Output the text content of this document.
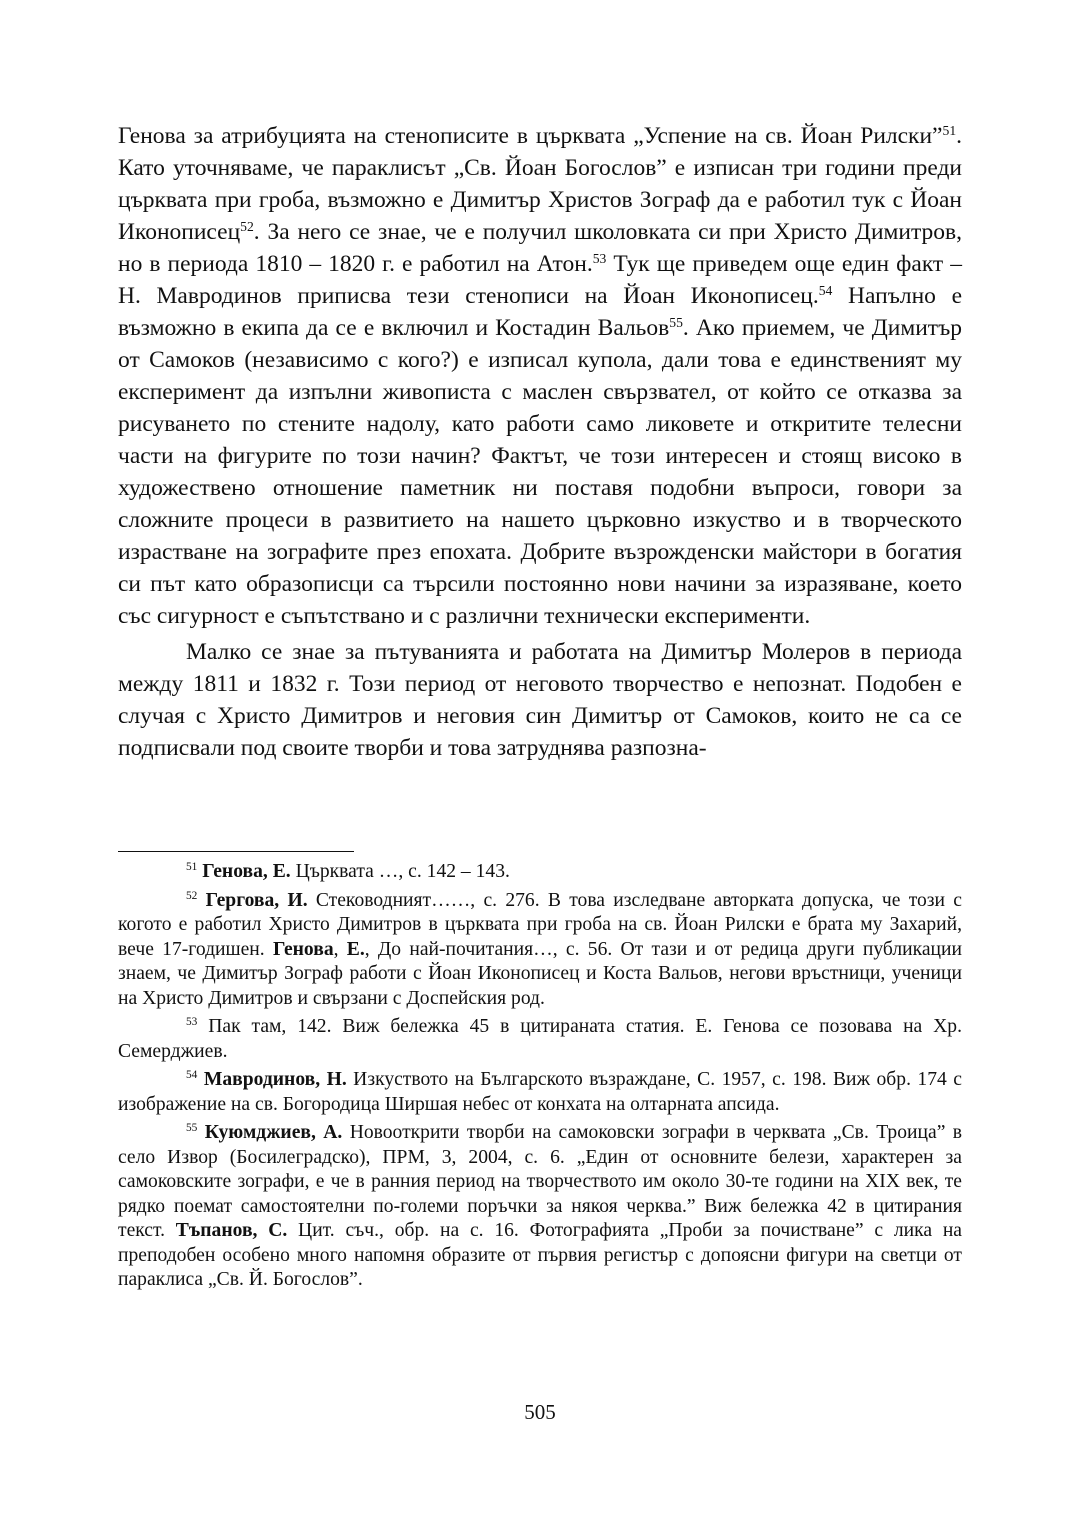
Генова за атрибуцията на стенописите в църквата „Успение на св. Йоан Рилски”$^{51}$. Като уточняваме, че параклисът „Св. Йоан Богослов” е изписан три години преди църквата при гроба, възможно е Димитър Христов Зограф да е работил тук с Йоан Иконописец$^{52}$. За него се знае, че е получил школовката си при Христо Димитров, но в периода 1810 – 1820 г. е работил на Атон.$^{53}$ Тук ще приведем още един факт – Н. Мавродинов приписва тези стенописи на Йоан Иконописец.$^{54}$ Напълно е възможно в екипа да се е включил и Костадин Вальов$^{55}$. Ако приемем, че Димитър от Самоков (независимо с кого?) е изписал купола, дали това е единственият му експеримент да изпълни живописта с маслен свързвател, от който се отказва за рисуването по стените надолу, като работи само ликовете и откритите телесни части на фигурите по този начин? Фактът, че този интересен и стоящ високо в художествено отношение паметник ни поставя подобни въпроси, говори за сложните процеси в развитието на нашето църковно изкуство и в творческото израстване на зографите през епохата. Добрите възрожденски майстори в богатия си път като образописци са търсили постоянно нови начини за изразяване, което със сигурност е съпътствано и с различни технически експерименти.

Малко се знае за пътуванията и работата на Димитър Молеров в периода между 1811 и 1832 г. Този период от неговото творчество е непознат. Подобен е случая с Христо Димитров и неговия син Димитър от Самоков, които не са се подписвали под своите творби и това затруднява разпозна-

$^{51}$ Генова, Е. Църквата …, с. 142 – 143.

$^{52}$ Гергова, И. Стеководният……, с. 276. В това изследване авторката допуска, че този с когото е работил Христо Димитров в църквата при гроба на св. Йоан Рилски е брата му Захарий, вече 17-годишен. Генова, Е., До най-почитания…, с. 56. От тази и от редица други публикации знаем, че Димитър Зограф работи с Йоан Иконописец и Коста Вальов, негови връстници, ученици на Христо Димитров и свързани с Доспейския род.

$^{53}$ Пак там, 142. Виж бележка 45 в цитираната статия. Е. Генова се позовава на Хр. Семерджиев.

$^{54}$ Мавродинов, Н. Изкуството на Българското възраждане, С. 1957, с. 198. Виж обр. 174 с изображение на св. Богородица Ширшая небес от конхата на олтарната апсида.

$^{55}$ Куюмджиев, А. Новооткрити творби на самоковски зографи в черквата „Св. Троица” в село Извор (Босилеградско), ПРМ, 3, 2004, с. 6. „Един от основните белези, характерен за самоковските зографи, е че в ранния период на творчеството им около 30-те години на XIX век, те рядко поемат самостоятелни по-големи поръчки за някоя черква.” Виж бележка 42 в цитирания текст. Тъпанов, С. Цит. съч., обр. на с. 16. Фотографията „Проби за почистване” с лика на преподобен особено много напомня образите от първия регистър с допоясни фигури на светци от параклиса „Св. Й. Богослов”.

505
